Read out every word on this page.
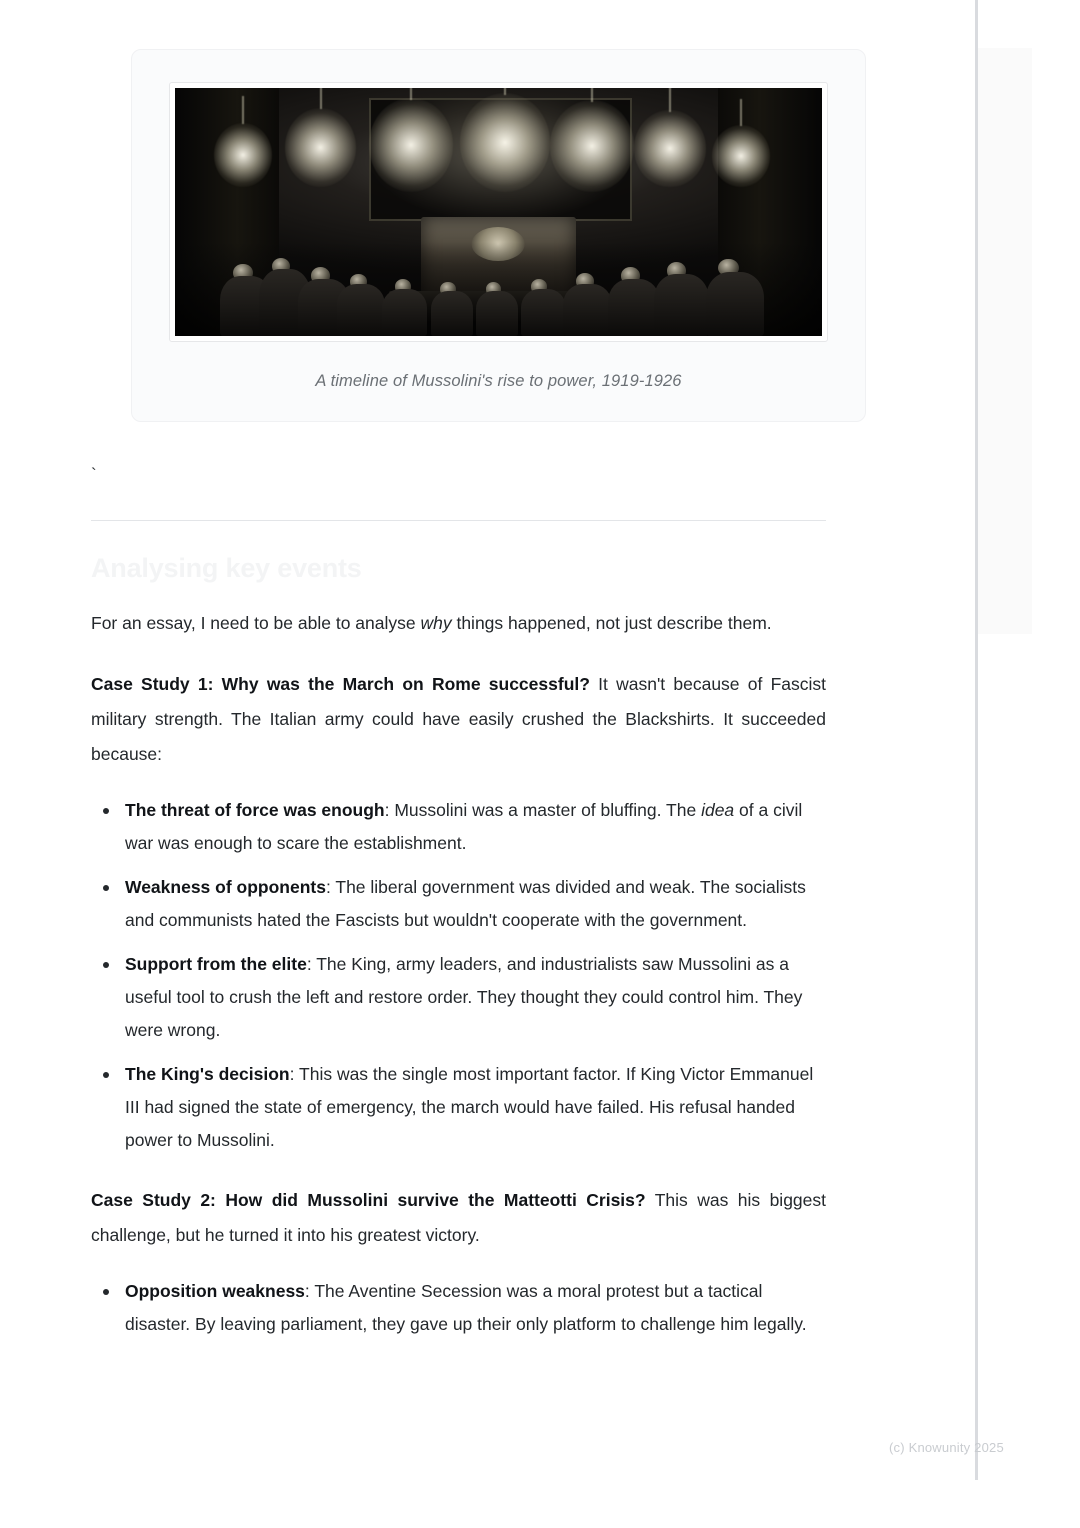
A timeline of Mussolini's rise to power, 1919-1926
`
Analysing key events

For an essay, I need to be able to analyse why things happened, not just describe them.

Case Study 1: Why was the March on Rome successful? It wasn't because of Fascist military strength. The Italian army could have easily crushed the Blackshirts. It succeeded because:

The threat of force was enough: Mussolini was a master of bluffing. The idea of a civil war was enough to scare the establishment.
Weakness of opponents: The liberal government was divided and weak. The socialists and communists hated the Fascists but wouldn't cooperate with the government.
Support from the elite: The King, army leaders, and industrialists saw Mussolini as a useful tool to crush the left and restore order. They thought they could control him. They were wrong.
The King's decision: This was the single most important factor. If King Victor Emmanuel III had signed the state of emergency, the march would have failed. His refusal handed power to Mussolini.

Case Study 2: How did Mussolini survive the Matteotti Crisis? This was his biggest challenge, but he turned it into his greatest victory.

Opposition weakness: The Aventine Secession was a moral protest but a tactical disaster. By leaving parliament, they gave up their only platform to challenge him legally.
(c) Knowunity 2025
